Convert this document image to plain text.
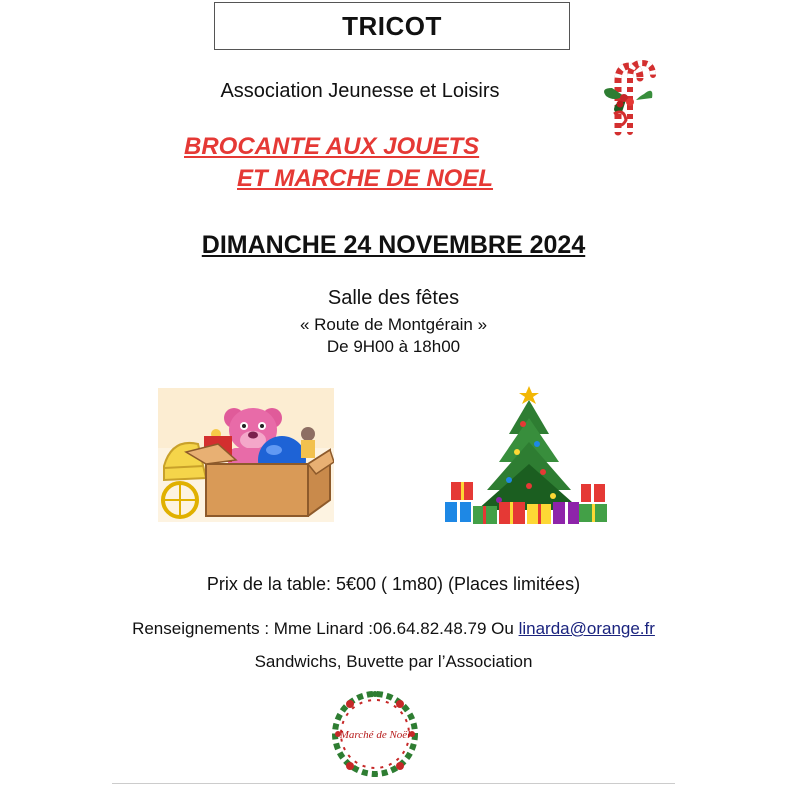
TRICOT
Association Jeunesse et Loisirs
BROCANTE AUX JOUETS
ET MARCHE DE NOEL
DIMANCHE 24 NOVEMBRE 2024
Salle des fêtes
« Route de Montgérain »
De 9H00 à 18h00
Prix de la table: 5€00 ( 1m80) (Places limitées)
Renseignements : Mme Linard :06.64.82.48.79 Ou linarda@orange.fr
Sandwichs, Buvette par l’Association
Marché de Noël
